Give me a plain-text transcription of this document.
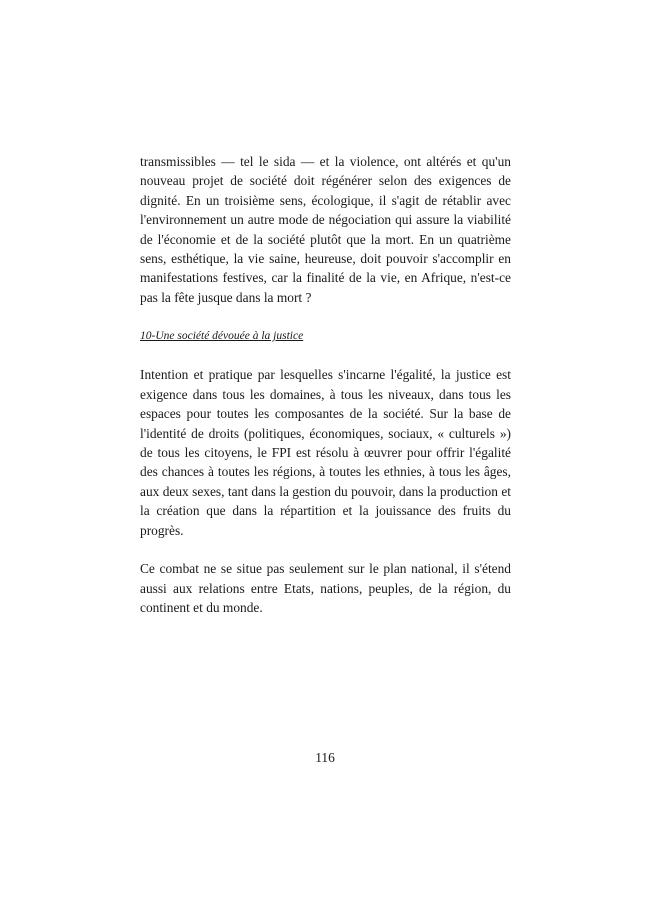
transmissibles — tel le sida — et la violence, ont altérés et qu'un nouveau projet de société doit régénérer selon des exigences de dignité. En un troisième sens, écologique, il s'agit de rétablir avec l'environnement un autre mode de négociation qui assure la viabilité de l'économie et de la société plutôt que la mort. En un quatrième sens, esthétique, la vie saine, heureuse, doit pouvoir s'accomplir en manifestations festives, car la finalité de la vie, en Afrique, n'est-ce pas la fête jusque dans la mort ?

10-Une société dévouée à la justice

Intention et pratique par lesquelles s'incarne l'égalité, la justice est exigence dans tous les domaines, à tous les niveaux, dans tous les espaces pour toutes les composantes de la société. Sur la base de l'identité de droits (politiques, économiques, sociaux, « culturels ») de tous les citoyens, le FPI est résolu à œuvrer pour offrir l'égalité des chances à toutes les régions, à toutes les ethnies, à tous les âges, aux deux sexes, tant dans la gestion du pouvoir, dans la production et la création que dans la répartition et la jouissance des fruits du progrès.

Ce combat ne se situe pas seulement sur le plan national, il s'étend aussi aux relations entre Etats, nations, peuples, de la région, du continent et du monde.

116
